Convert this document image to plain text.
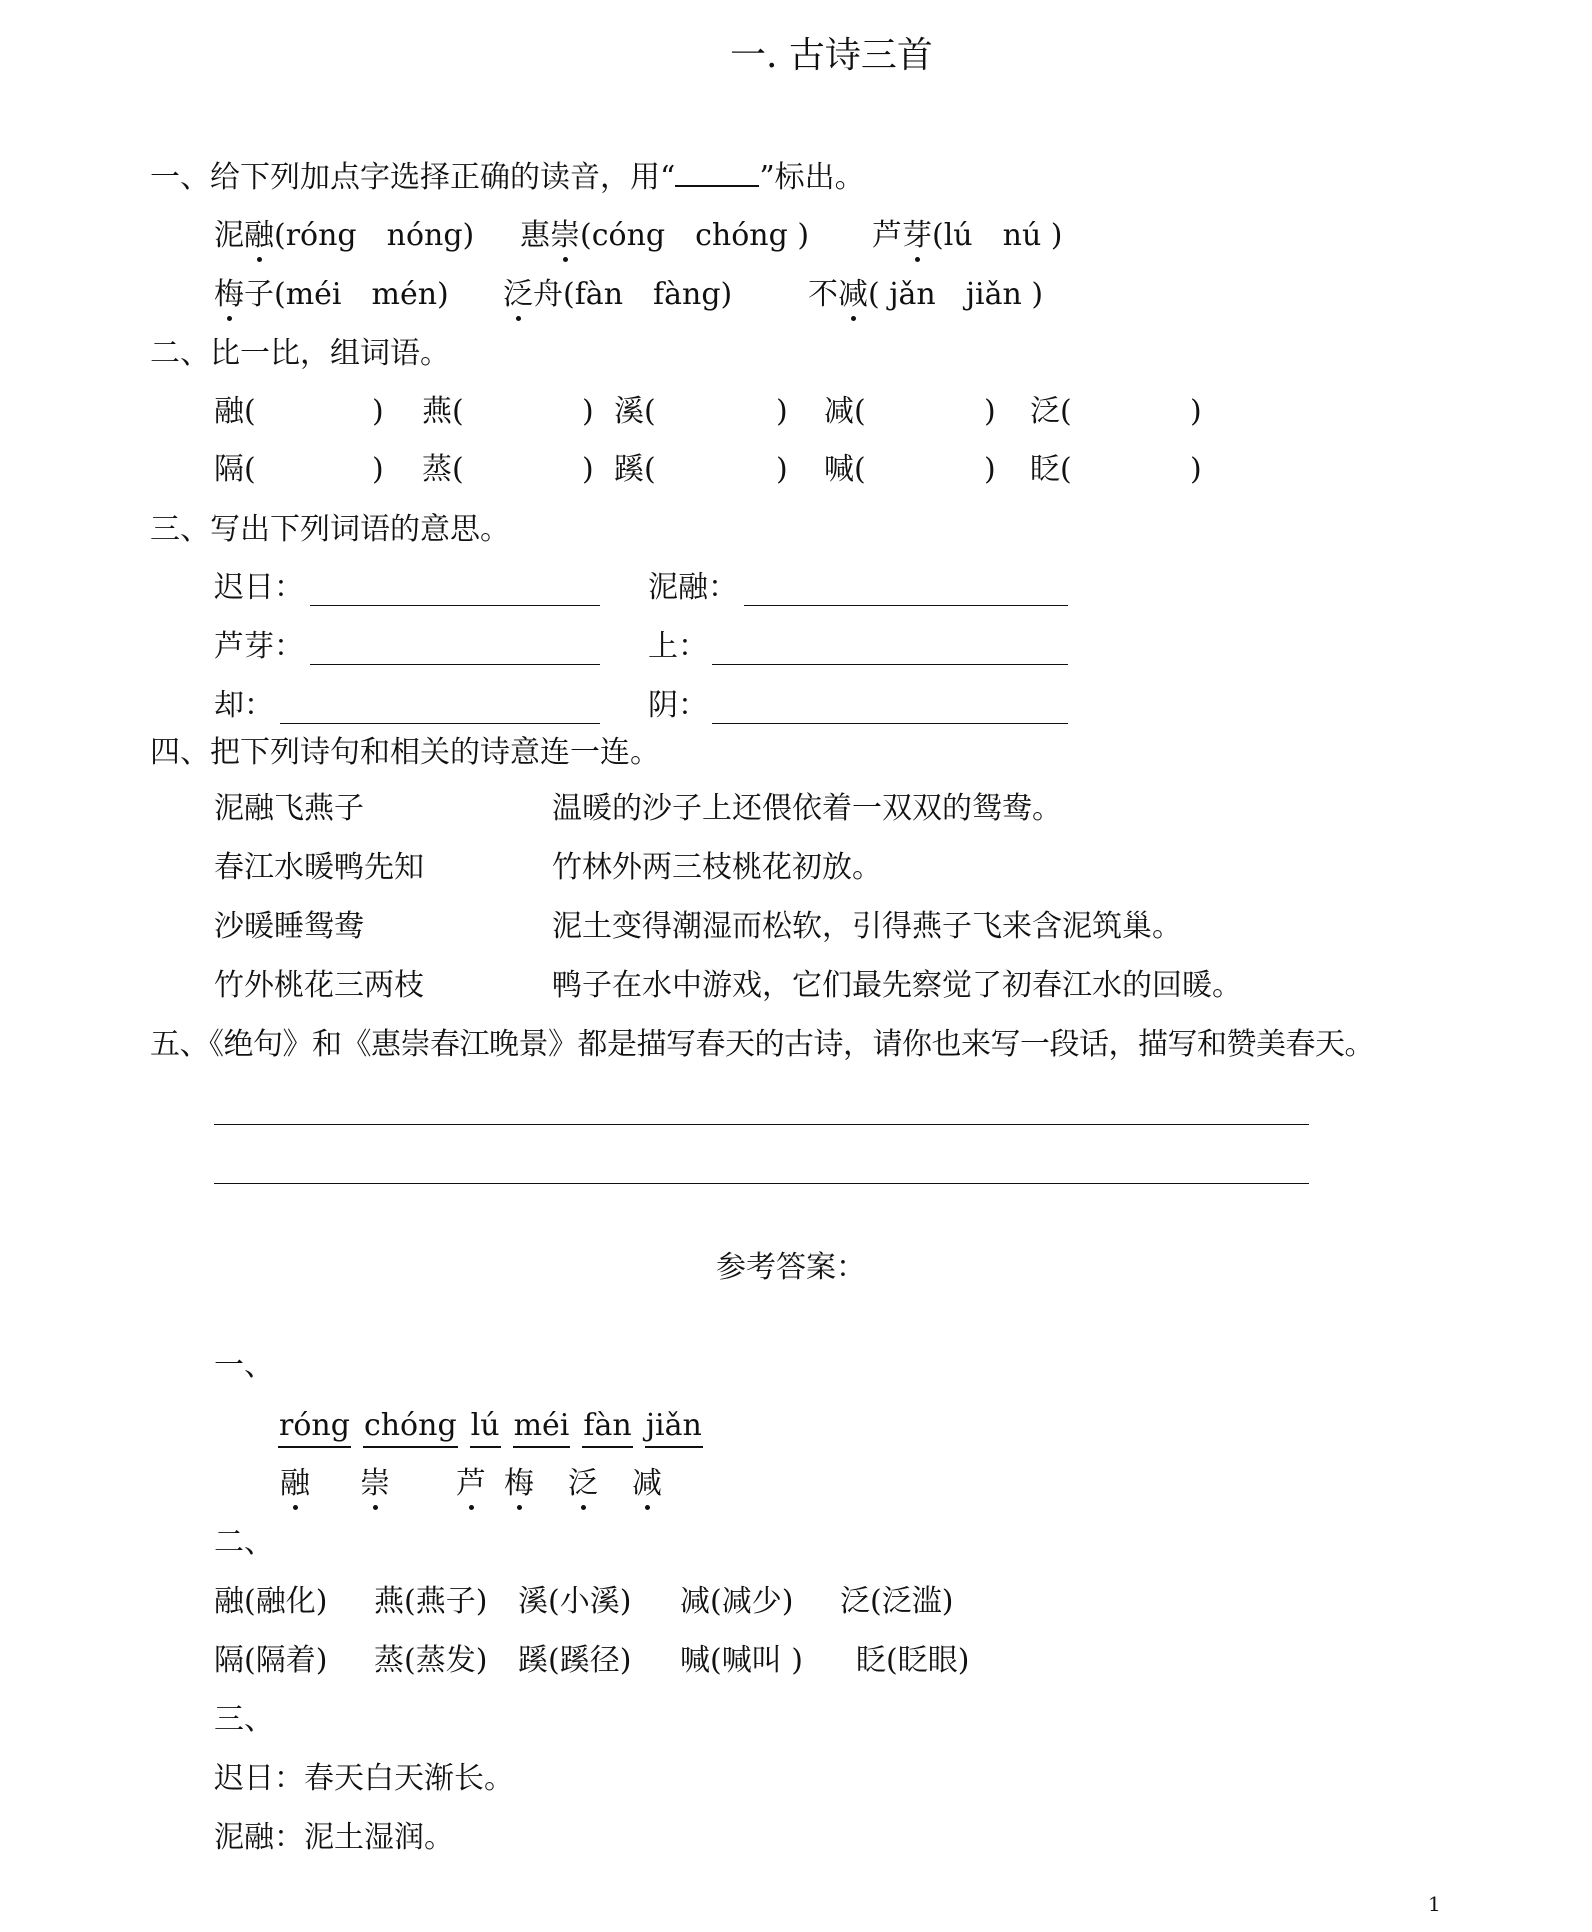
一. 古诗三首
一、给下列加点字选择正确的读音，用“	”标出。
泥融(róng　nóng) 惠崇(cóng　chóng ) 芦芽(lú　nú )
梅子(méi　mén) 泛舟(fàn　fàng)	不减( jǎn　jiǎn )
二、比一比，组词语。
融(	) 燕(	) 溪(	) 减(	) 泛(	)
隔(	) 蒸(	) 蹊(	) 喊(	) 眨(	)
三、写出下列词语的意思。
迟日：	泥融：
芦芽：	上：
却：	阴：
四、把下列诗句和相关的诗意连一连。
泥融飞燕子	温暖的沙子上还偎依着一双双的鸳鸯。
春江水暖鸭先知	竹林外两三枝桃花初放。
沙暖睡鸳鸯	泥土变得潮湿而松软，引得燕子飞来含泥筑巢。
竹外桃花三两枝	鸭子在水中游戏，它们最先察觉了初春江水的回暖。
五、《绝句》和《惠崇春江晚景》都是描写春天的古诗，请你也来写一段话，描写和赞美春天。
参考答案：
一、
róng chóng lú méi fàn jiǎn
融 崇 芦 梅 泛 减
二、
融(融化) 燕(燕子) 溪(小溪) 减(减少) 泛(泛滥)
隔(隔着) 蒸(蒸发) 蹊(蹊径) 喊(喊叫 ) 眨(眨眼)
三、
迟日：春天白天渐长。
泥融：泥土湿润。
1
